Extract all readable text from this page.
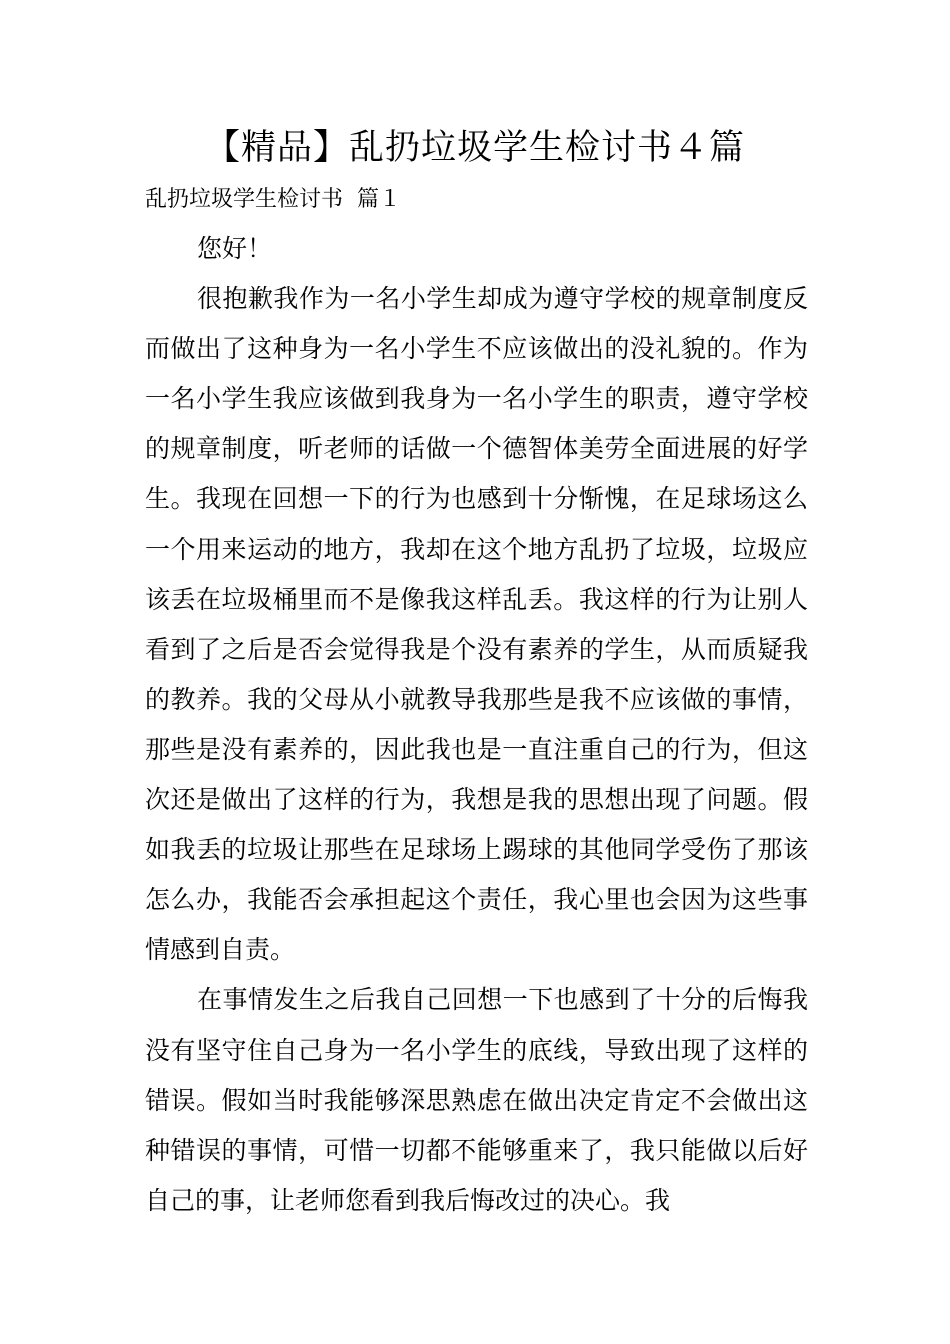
【精品】乱扔垃圾学生检讨书４篇
乱扔垃圾学生检讨书  篇１

您好！

很抱歉我作为一名小学生却成为遵守学校的规章制度反而做出了这种身为一名小学生不应该做出的没礼貌的。作为一名小学生我应该做到我身为一名小学生的职责，遵守学校的规章制度，听老师的话做一个德智体美劳全面进展的好学生。我现在回想一下的行为也感到十分惭愧，在足球场这么一个用来运动的地方，我却在这个地方乱扔了垃圾，垃圾应该丢在垃圾桶里而不是像我这样乱丢。我这样的行为让别人看到了之后是否会觉得我是个没有素养的学生，从而质疑我的教养。我的父母从小就教导我那些是我不应该做的事情，那些是没有素养的，因此我也是一直注重自己的行为，但这次还是做出了这样的行为，我想是我的思想出现了问题。假如我丢的垃圾让那些在足球场上踢球的其他同学受伤了那该怎么办，我能否会承担起这个责任，我心里也会因为这些事情感到自责。

在事情发生之后我自己回想一下也感到了十分的后悔我没有坚守住自己身为一名小学生的底线，导致出现了这样的错误。假如当时我能够深思熟虑在做出决定肯定不会做出这种错误的事情，可惜一切都不能够重来了，我只能做以后好自己的事，让老师您看到我后悔改过的决心。我
